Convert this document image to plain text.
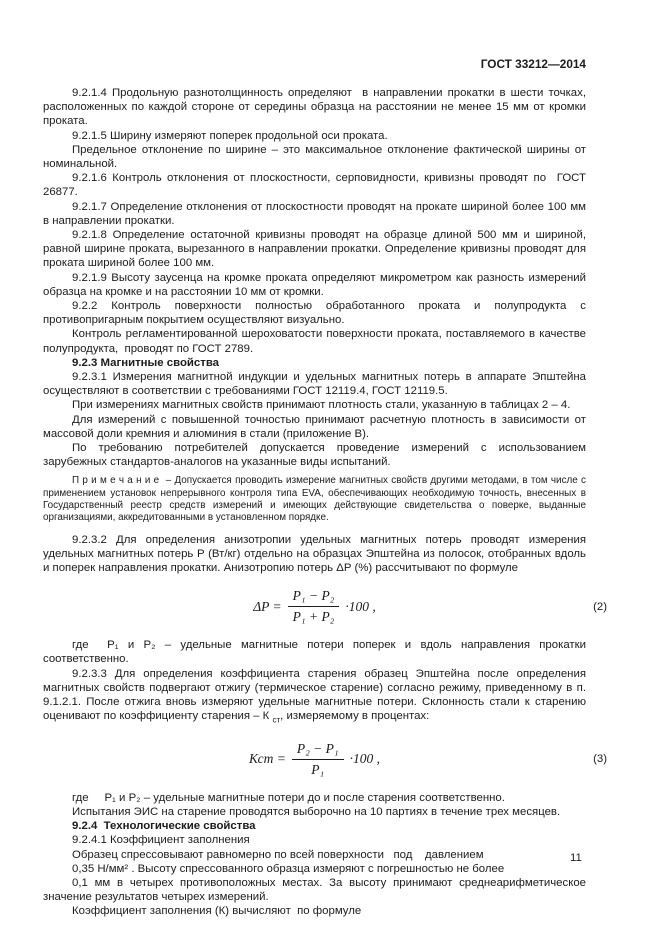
ГОСТ 33212—2014

9.2.1.4 Продольную разнотолщинность определяют  в направлении прокатки в шести точках, расположенных по каждой стороне от середины образца на расстоянии не менее 15 мм от кромки проката.

9.2.1.5 Ширину измеряют поперек продольной оси проката.

Предельное отклонение по ширине – это максимальное отклонение фактической ширины от номинальной.

9.2.1.6 Контроль отклонения от плоскостности, серповидности, кривизны проводят по  ГОСТ 26877.

9.2.1.7 Определение отклонения от плоскостности проводят на прокате шириной более 100 мм в направлении прокатки.

9.2.1.8 Определение остаточной кривизны проводят на образце длиной 500 мм и шириной, равной ширине проката, вырезанного в направлении прокатки. Определение кривизны проводят для проката шириной более 100 мм.

9.2.1.9 Высоту заусенца на кромке проката определяют микрометром как разность измерений образца на кромке и на расстоянии 10 мм от кромки.

9.2.2 Контроль поверхности полностью обработанного проката и полупродукта с противопригарным покрытием осуществляют визуально.

Контроль регламентированной шероховатости поверхности проката, поставляемого в качестве полупродукта,  проводят по ГОСТ 2789.

9.2.3 Магнитные свойства

9.2.3.1 Измерения магнитной индукции и удельных магнитных потерь в аппарате Эпштейна осуществляют в соответствии с требованиями ГОСТ 12119.4, ГОСТ 12119.5.

При измерениях магнитных свойств принимают плотность стали, указанную в таблицах 2 – 4.

Для измерений с повышенной точностью принимают расчетную плотность в зависимости от массовой доли кремния и алюминия в стали (приложение В).

По требованию потребителей допускается проведение измерений с использованием зарубежных стандартов-аналогов на указанные виды испытаний.

П р и м е ч а н и е  – Допускается проводить измерение магнитных свойств другими методами, в том числе с применением установок непрерывного контроля типа EVA, обеспечивающих необходимую точность, внесенных в Государственный реестр средств измерений и имеющих действующие свидетельства о поверке, выданные организациями, аккредитованными в установленном порядке.

9.2.3.2 Для определения анизотропии удельных магнитных потерь проводят измерения удельных магнитных потерь P (Вт/кг) отдельно на образцах Эпштейна из полосок, отобранных вдоль и поперек направления прокатки. Анизотропию потерь ΔP (%) рассчитывают по формуле

$\Delta P = \frac{\text{P₁ − P₂}}{\text{P₁ + P₂}} \cdot 100$ ,	(2)

где  P₁ и P₂ – удельные магнитные потери поперек и вдоль направления прокатки соответственно.

9.2.3.3 Для определения коэффициента старения образец Эпштейна после определения магнитных свойств подвергают отжигу (термическое старение) согласно режиму, приведенному в п. 9.1.2.1. После отжига вновь измеряют удельные магнитные потери. Склонность стали к старению оценивают по коэффициенту старения – К $_{ст}$, измеряемому в процентах:

Кст = $\frac{\text{P₂ − P₁}}{\text{P₁}} \cdot 100$ ,	(3)

где     P₁ и P₂ – удельные магнитные потери до и после старения соответственно.

Испытания ЭИС на старение проводятся выборочно на 10 партиях в течение трех месяцев.

9.2.4  Технологические свойства

9.2.4.1 Коэффициент заполнения

Образец спрессовывают равномерно по всей поверхности   под    давлением

0,35 Н/мм² . Высоту спрессованного образца измеряют с погрешностью не более

0,1 мм в четырех противоположных местах. За высоту принимают среднеарифметическое значение результатов четырех измерений.

Коэффициент заполнения (К) вычисляют  по формуле

11
